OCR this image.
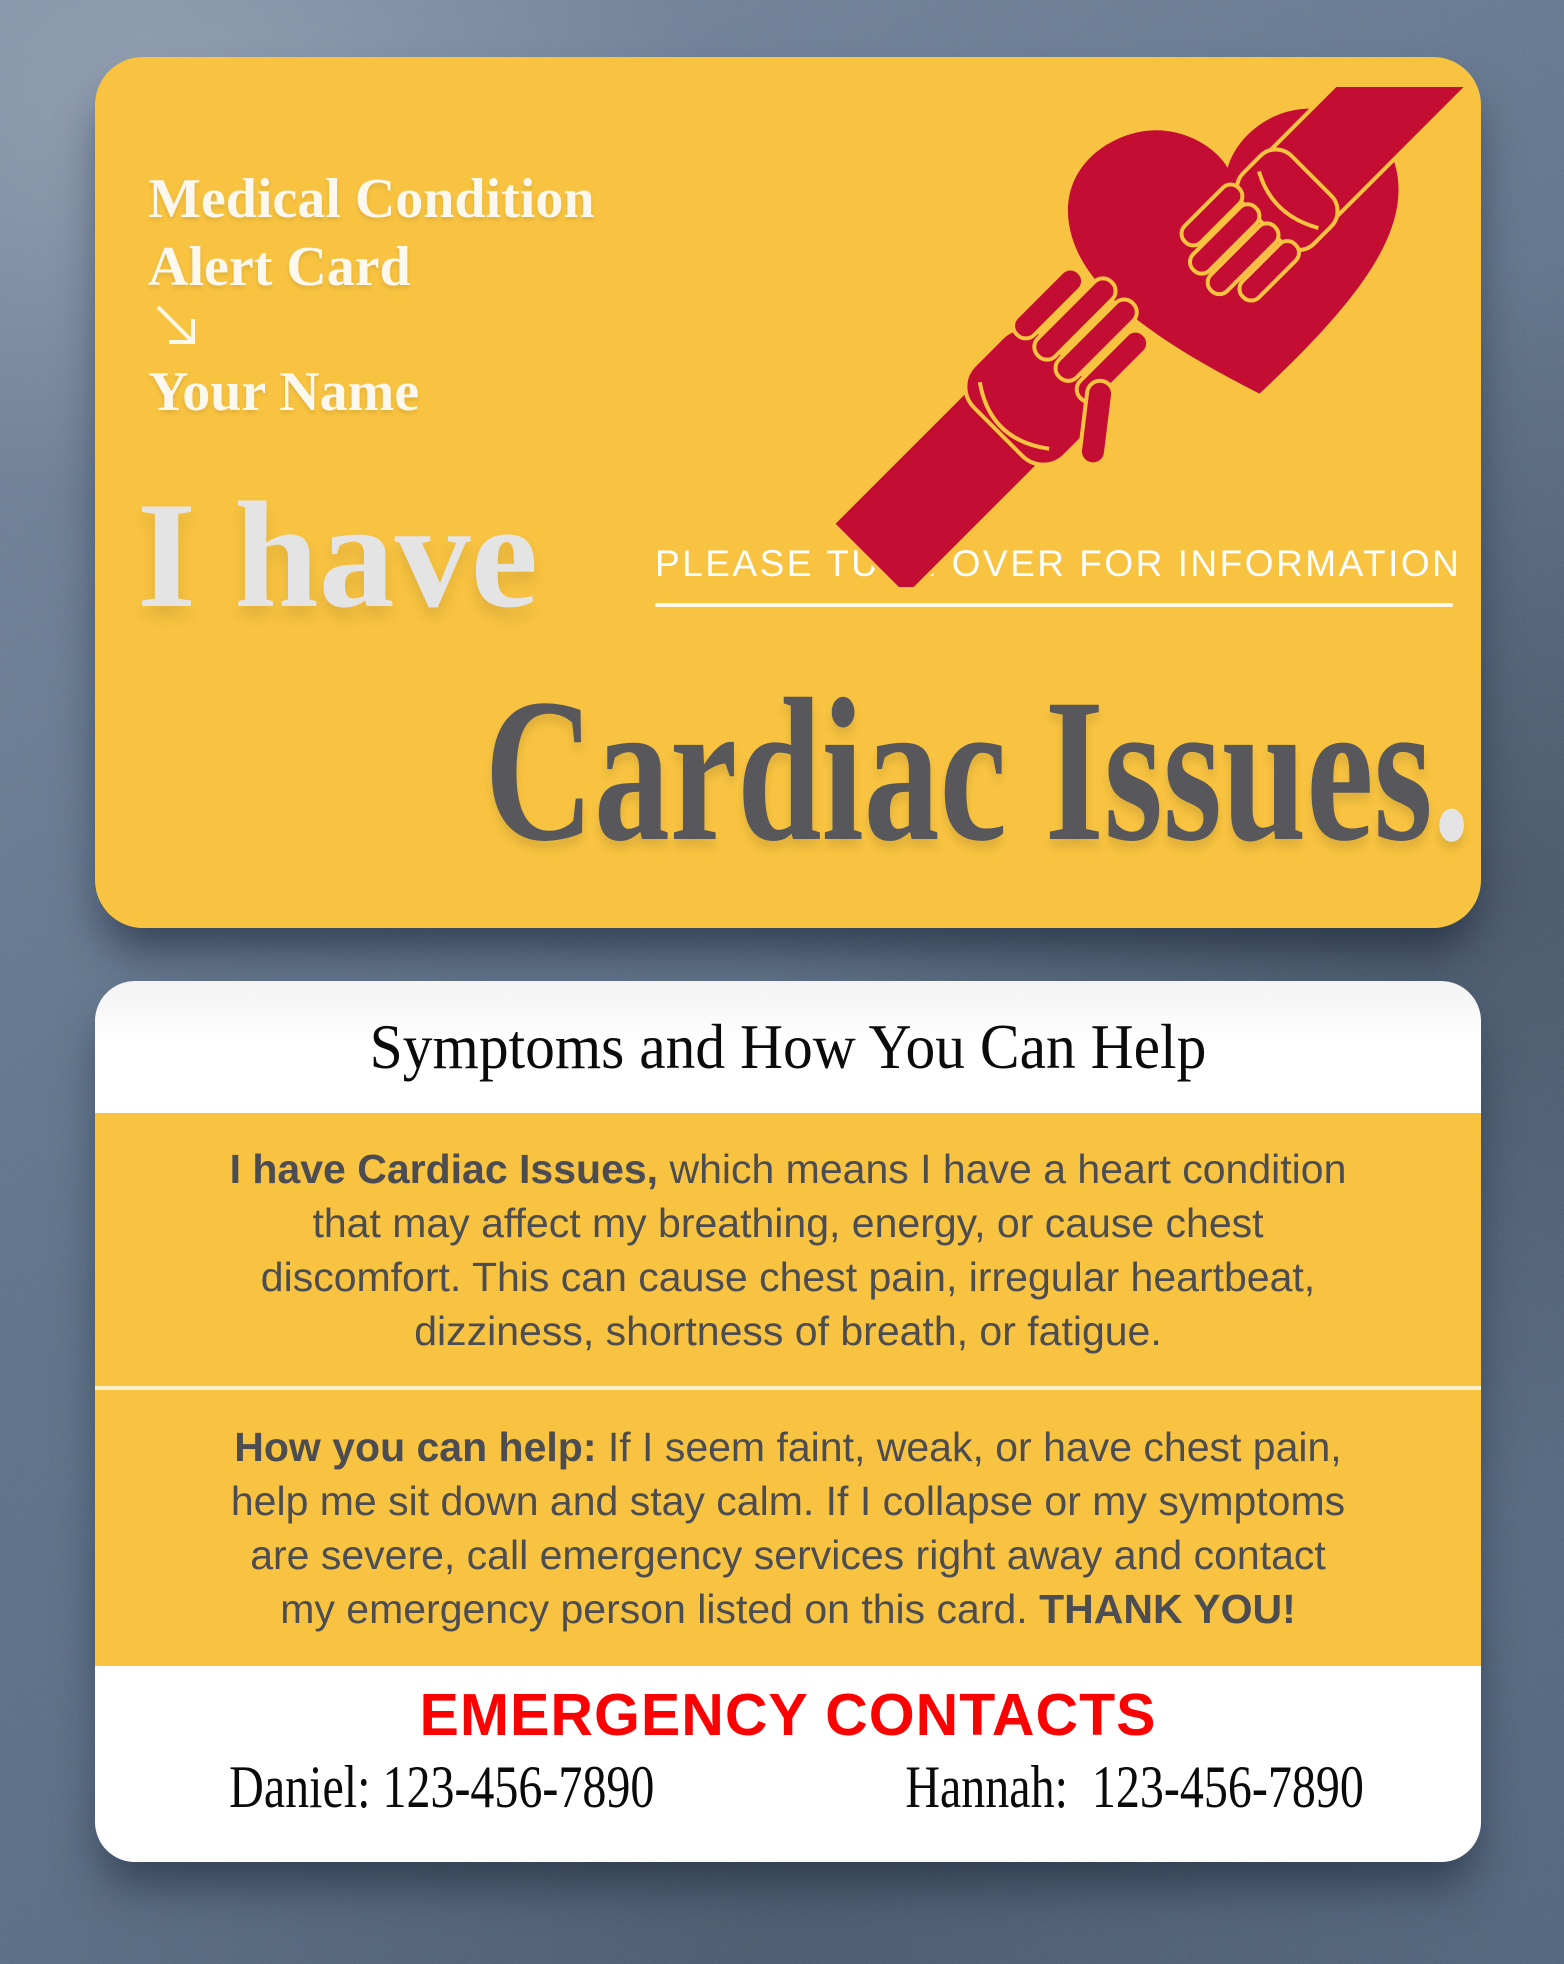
Medical Condition
Alert Card
Your Name
I have	PLEASE TURN OVER FOR INFORMATION
Cardiac Issues.
Symptoms and How You Can Help
I have Cardiac Issues, which means I have a heart condition
that may affect my breathing, energy, or cause chest
discomfort. This can cause chest pain, irregular heartbeat,
dizziness, shortness of breath, or fatigue.
How you can help: If I seem faint, weak, or have chest pain,
help me sit down and stay calm. If I collapse or my symptoms
are severe, call emergency services right away and contact
my emergency person listed on this card. THANK YOU!
EMERGENCY CONTACTS
Daniel: 123-456-7890	Hannah:  123-456-7890
